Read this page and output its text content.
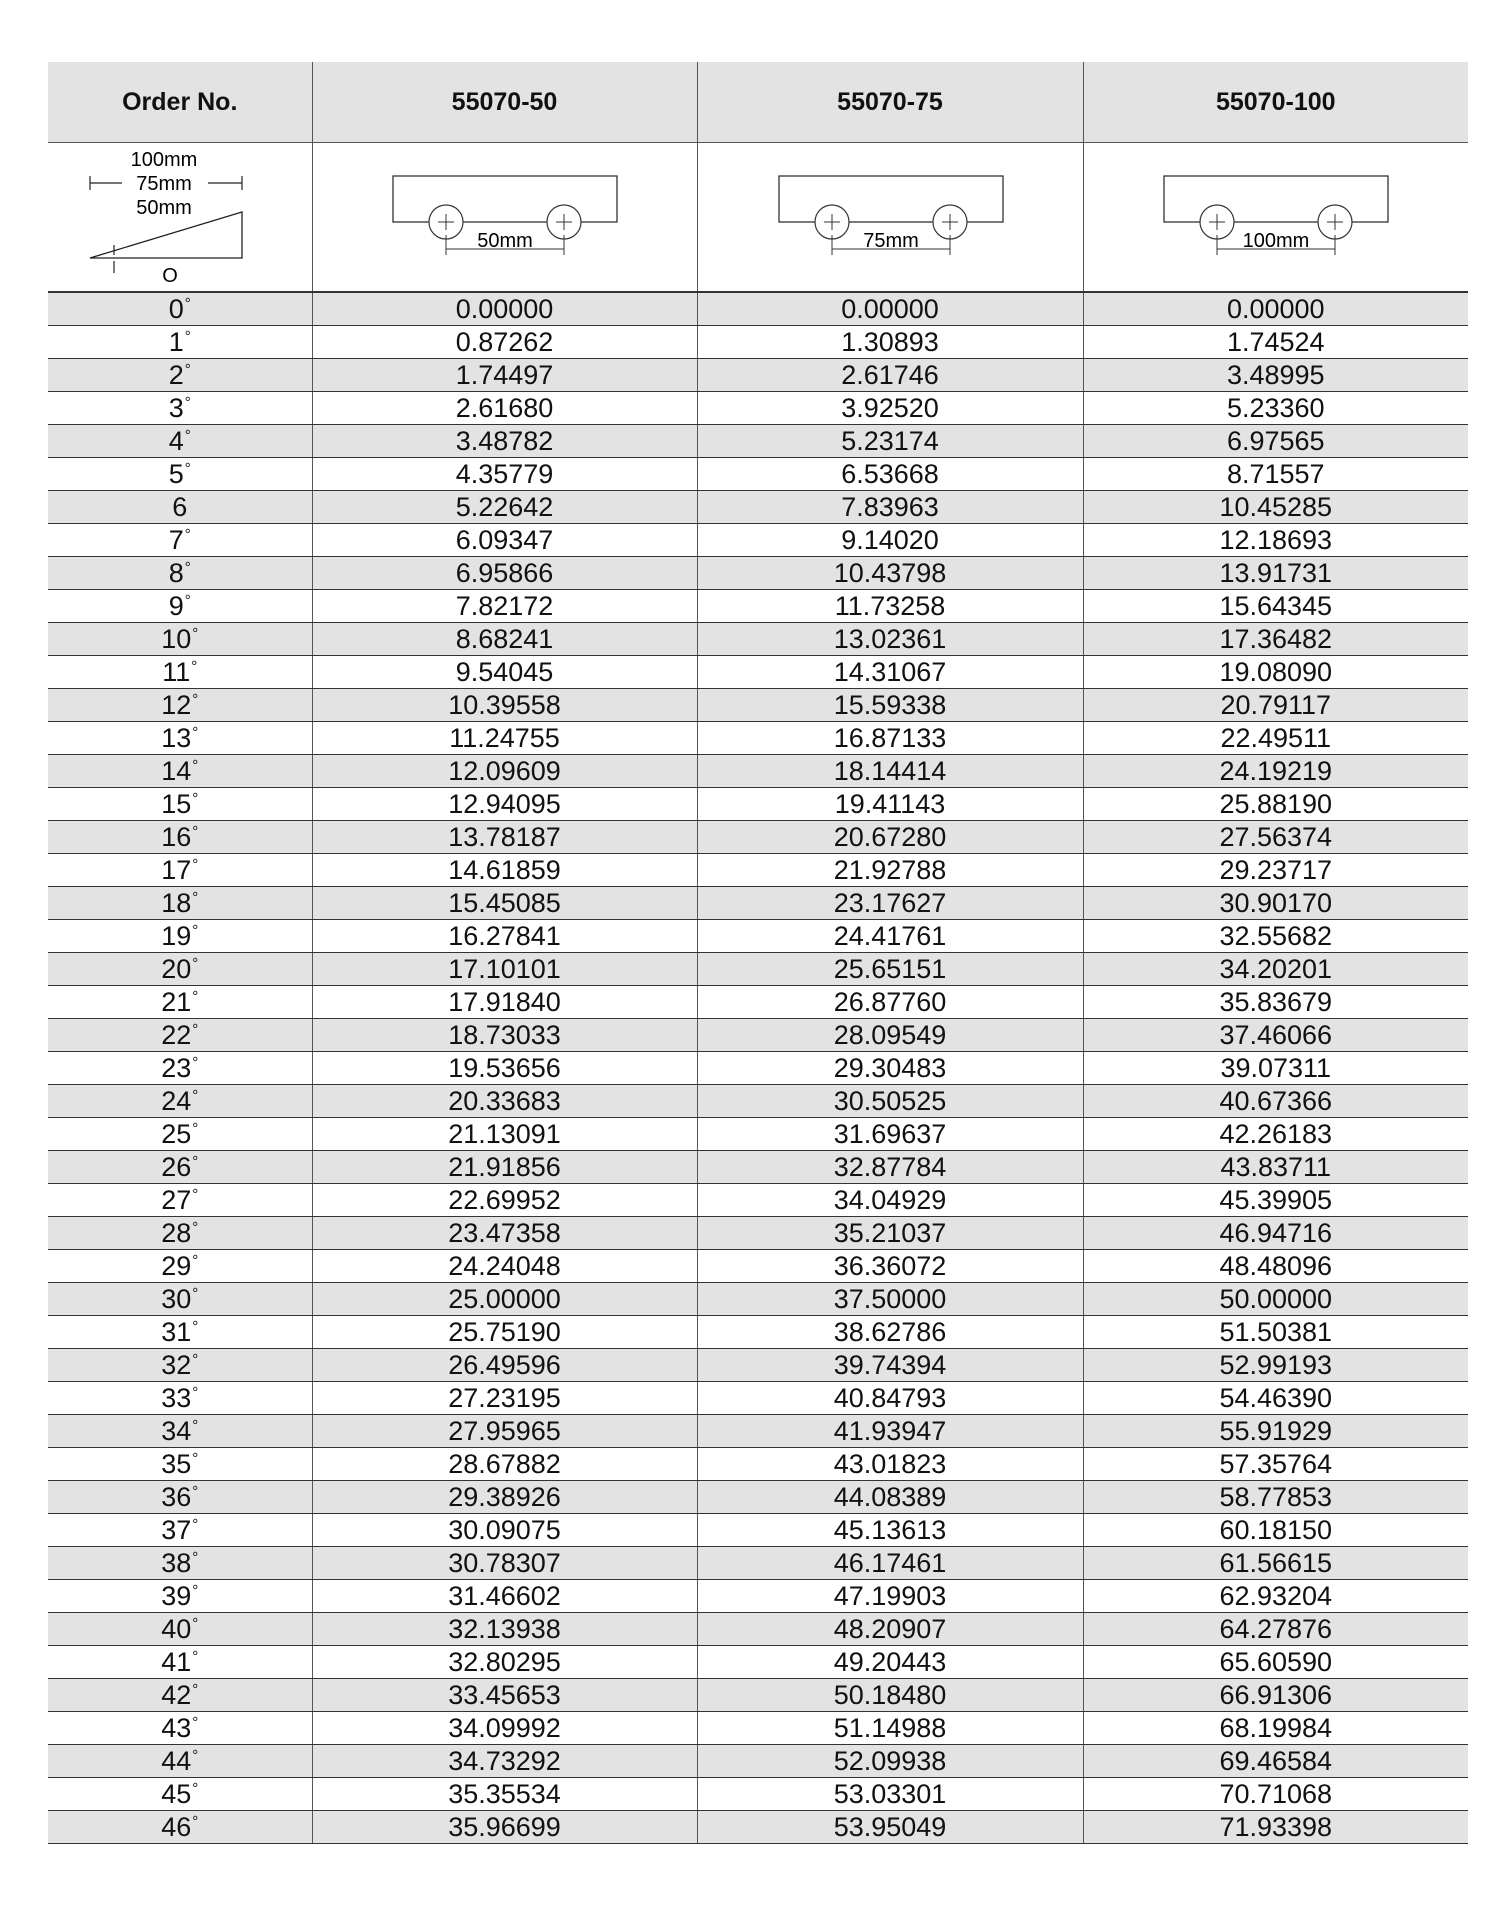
Order No.	55070-50	55070-75	55070-100

100mm
75mm
50mm
O	50mm	75mm	100mm

0°	0.00000	0.00000	0.00000
1°	0.87262	1.30893	1.74524
2°	1.74497	2.61746	3.48995
3°	2.61680	3.92520	5.23360
4°	3.48782	5.23174	6.97565
5°	4.35779	6.53668	8.71557
6	5.22642	7.83963	10.45285
7°	6.09347	9.14020	12.18693
8°	6.95866	10.43798	13.91731
9°	7.82172	11.73258	15.64345
10°	8.68241	13.02361	17.36482
11°	9.54045	14.31067	19.08090
12°	10.39558	15.59338	20.79117
13°	11.24755	16.87133	22.49511
14°	12.09609	18.14414	24.19219
15°	12.94095	19.41143	25.88190
16°	13.78187	20.67280	27.56374
17°	14.61859	21.92788	29.23717
18°	15.45085	23.17627	30.90170
19°	16.27841	24.41761	32.55682
20°	17.10101	25.65151	34.20201
21°	17.91840	26.87760	35.83679
22°	18.73033	28.09549	37.46066
23°	19.53656	29.30483	39.07311
24°	20.33683	30.50525	40.67366
25°	21.13091	31.69637	42.26183
26°	21.91856	32.87784	43.83711
27°	22.69952	34.04929	45.39905
28°	23.47358	35.21037	46.94716
29°	24.24048	36.36072	48.48096
30°	25.00000	37.50000	50.00000
31°	25.75190	38.62786	51.50381
32°	26.49596	39.74394	52.99193
33°	27.23195	40.84793	54.46390
34°	27.95965	41.93947	55.91929
35°	28.67882	43.01823	57.35764
36°	29.38926	44.08389	58.77853
37°	30.09075	45.13613	60.18150
38°	30.78307	46.17461	61.56615
39°	31.46602	47.19903	62.93204
40°	32.13938	48.20907	64.27876
41°	32.80295	49.20443	65.60590
42°	33.45653	50.18480	66.91306
43°	34.09992	51.14988	68.19984
44°	34.73292	52.09938	69.46584
45°	35.35534	53.03301	70.71068
46°	35.96699	53.95049	71.93398
